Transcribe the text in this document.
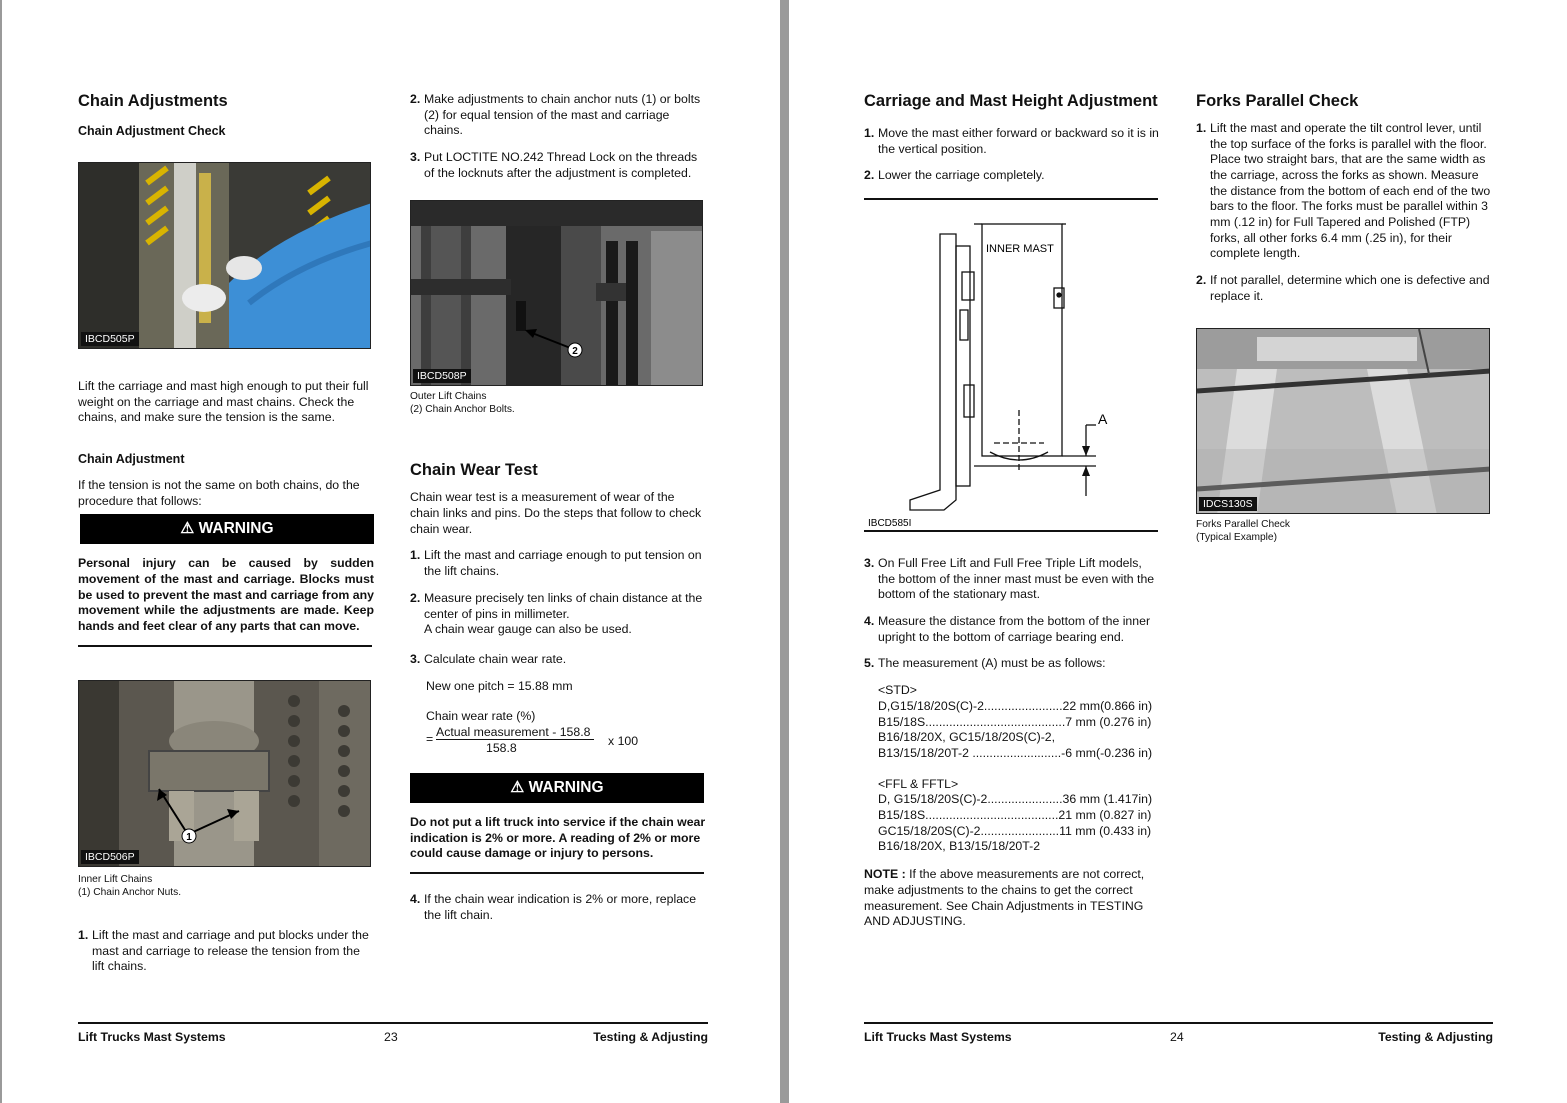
Chain Adjustments
Chain Adjustment Check
IBCD505P

Lift the carriage and mast high enough to put their full weight on the carriage and mast chains. Check the chains, and make sure the tension is the same.

Chain Adjustment

If the tension is not the same on both chains, do the procedure that follows:

⚠ WARNING

Personal injury can be caused by sudden movement of the mast and carriage. Blocks must be used to prevent the mast and carriage from any movement while the adjustments are made. Keep hands and feet clear of any parts that can move.

1
IBCD506P
Inner Lift Chains
(1) Chain Anchor Nuts.
1. Lift the mast and carriage and put blocks under the mast and carriage to release the tension from the lift chains.
2. Make adjustments to chain anchor nuts (1) or bolts (2) for equal tension of the mast and carriage chains.
3. Put LOCTITE NO.242 Thread Lock on the threads of the locknuts after the adjustment is completed.
2
IBCD508P
Outer Lift Chains
(2) Chain Anchor Bolts.
Chain Wear Test

Chain wear test is a measurement of wear of the chain links and pins. Do the steps that follow to check chain wear.

1. Lift the mast and carriage enough to put tension on the lift chains.
2. Measure precisely ten links of chain distance at the center of pins in millimeter.
A chain wear gauge can also be used.
3. Calculate chain wear rate.

New one pitch = 15.88 mm

Chain wear rate (%)

= Actual measurement - 158.8
158.8	x 100
⚠ WARNING

Do not put a lift truck into service if the chain wear indication is 2% or more. A reading of 2% or more could cause damage or injury to persons.

4. If the chain wear indication is 2% or more, replace the lift chain.
Lift Trucks Mast Systems	23	Testing & Adjusting
Carriage and Mast Height Adjustment
1. Move the mast either forward or backward so it is in the vertical position.
2. Lower the carriage completely.
INNER MAST
A
IBCD585I
3. On Full Free Lift and Full Free Triple Lift models, the bottom of the inner mast must be even with the bottom of the stationary mast.
4. Measure the distance from the bottom of the inner upright to the bottom of carriage bearing end.
5. The measurement (A) must be as follows:
<STD>
D,G15/18/20S(C)-2.......................22 mm(0.866 in)
B15/18S.........................................7 mm (0.276 in)
B16/18/20X, GC15/18/20S(C)-2,
B13/15/18/20T-2 ..........................-6 mm(-0.236 in)
<FFL & FFTL>
D, G15/18/20S(C)-2......................36 mm (1.417in)
B15/18S.......................................21 mm (0.827 in)
GC15/18/20S(C)-2.......................11 mm (0.433 in)
B16/18/20X, B13/15/18/20T-2

NOTE : If the above measurements are not correct, make adjustments to the chains to get the correct measurement. See Chain Adjustments in TESTING AND ADJUSTING.

Forks Parallel Check
1. Lift the mast and operate the tilt control lever, until the top surface of the forks is parallel with the floor. Place two straight bars, that are the same width as the carriage, across the forks as shown. Measure the distance from the bottom of each end of the two bars to the floor. The forks must be parallel within 3 mm (.12 in) for Full Tapered and Polished (FTP) forks, all other forks 6.4 mm (.25 in), for their complete length.
2. If not parallel, determine which one is defective and replace it.
IDCS130S
Forks Parallel Check
(Typical Example)
Lift Trucks Mast Systems	24	Testing & Adjusting
